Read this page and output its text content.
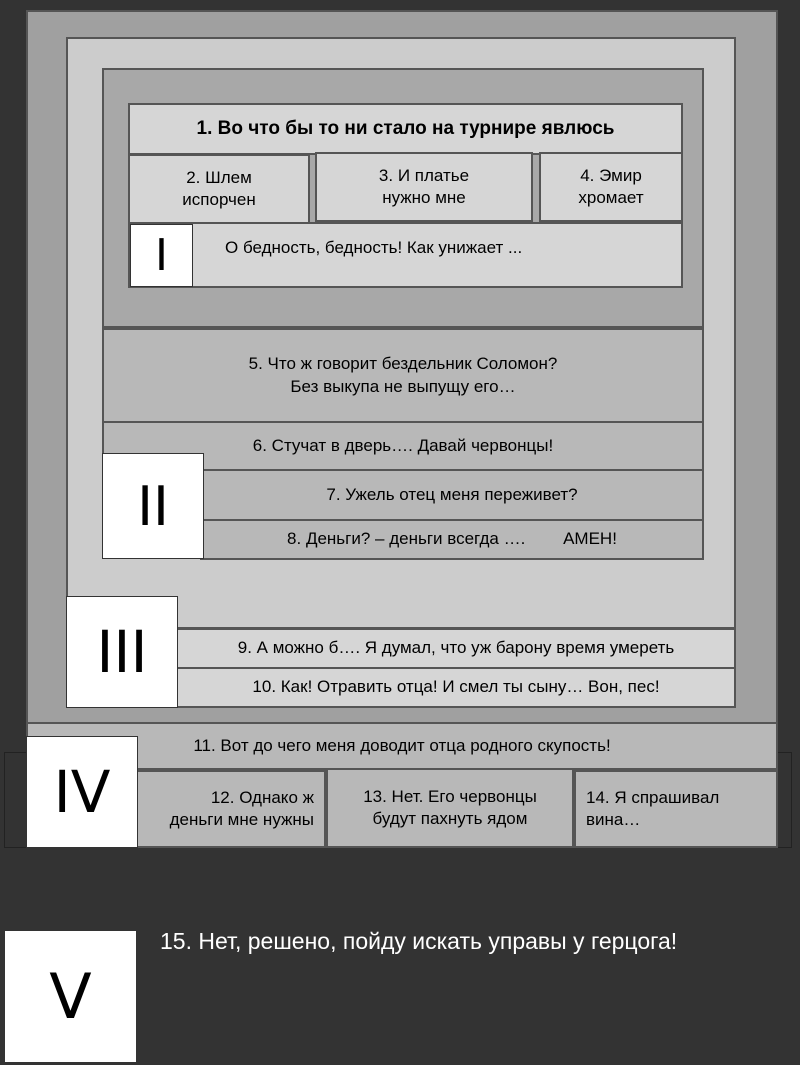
1. Во что бы то ни стало на турнире явлюсь
2. Шлем
испорчен
3. И платье
нужно мне
4. Эмир
хромает
О бедность, бедность! Как унижает ...
I
5. Что ж говорит бездельник Соломон?
Без выкупа не выпущу его…
6. Стучат в дверь…. Давай червонцы!
7. Ужель отец меня переживет?
8. Деньги? – деньги всегда ….        АМЕН!
II
9. А можно б…. Я думал, что уж барону время умереть
10. Как! Отравить отца! И смел ты сыну… Вон, пес!
III
11. Вот до чего меня доводит отца родного скупость!
12. Однако ж
деньги мне нужны
13. Нет. Его червонцы
будут пахнуть ядом
14. Я спрашивал
вина…
IV
V
15. Нет, решено, пойду искать управы у герцога!
